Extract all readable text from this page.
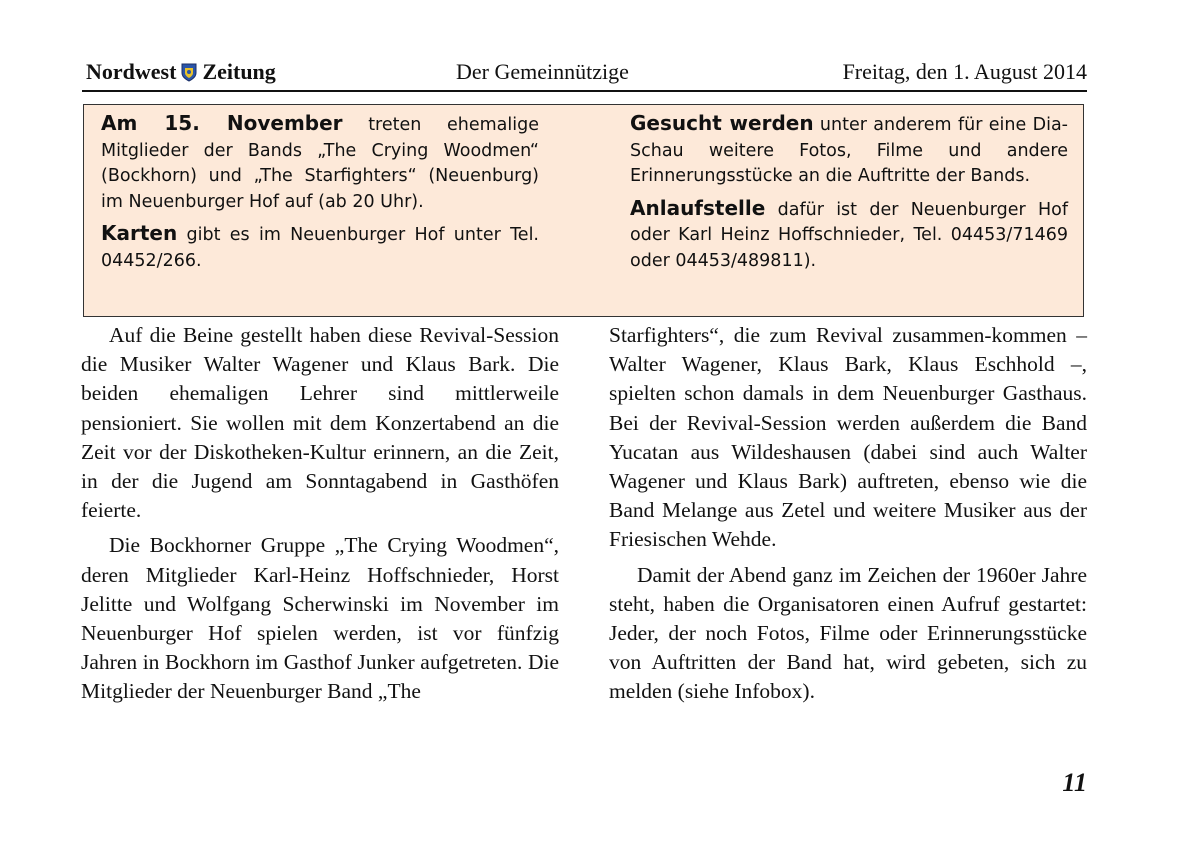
Nordwest Zeitung	Der Gemeinnützige	Freitag, den 1. August 2014

Am 15. November treten ehemalige Mitglieder der Bands „The Crying Woodmen“ (Bockhorn) und „The Starfighters“ (Neuenburg) im Neuenburger Hof auf (ab 20 Uhr).

Karten gibt es im Neuenburger Hof unter Tel. 04452/266.

Gesucht werden unter anderem für eine Dia-Schau weitere Fotos, Filme und andere Erinnerungsstücke an die Auftritte der Bands.

Anlaufstelle dafür ist der Neuenburger Hof oder Karl Heinz Hoffschnieder, Tel. 04453/71469 oder 04453/489811).

Auf die Beine gestellt haben diese Revival-Session die Musiker Walter Wagener und Klaus Bark. Die beiden ehemaligen Lehrer sind mittlerweile pensioniert. Sie wollen mit dem Konzertabend an die Zeit vor der Diskotheken-Kultur erinnern, an die Zeit, in der die Jugend am Sonntagabend in Gasthöfen feierte.

Die Bockhorner Gruppe „The Crying Woodmen“, deren Mitglieder Karl-Heinz Hoffschnieder, Horst Jelitte und Wolfgang Scherwinski im November im Neuenburger Hof spielen werden, ist vor fünfzig Jahren in Bockhorn im Gasthof Junker aufgetreten. Die Mitglieder der Neuenburger Band „The

Starfighters“, die zum Revival zusammen-kommen – Walter Wagener, Klaus Bark, Klaus Eschhold –, spielten schon damals in dem Neuenburger Gasthaus. Bei der Revival-Session werden außerdem die Band Yucatan aus Wildeshausen (dabei sind auch Walter Wagener und Klaus Bark) auftreten, ebenso wie die Band Melange aus Zetel und weitere Musiker aus der Friesischen Wehde.

Damit der Abend ganz im Zeichen der 1960er Jahre steht, haben die Organisatoren einen Aufruf gestartet: Jeder, der noch Fotos, Filme oder Erinnerungsstücke von Auftritten der Band hat, wird gebeten, sich zu melden (siehe Infobox).

11
